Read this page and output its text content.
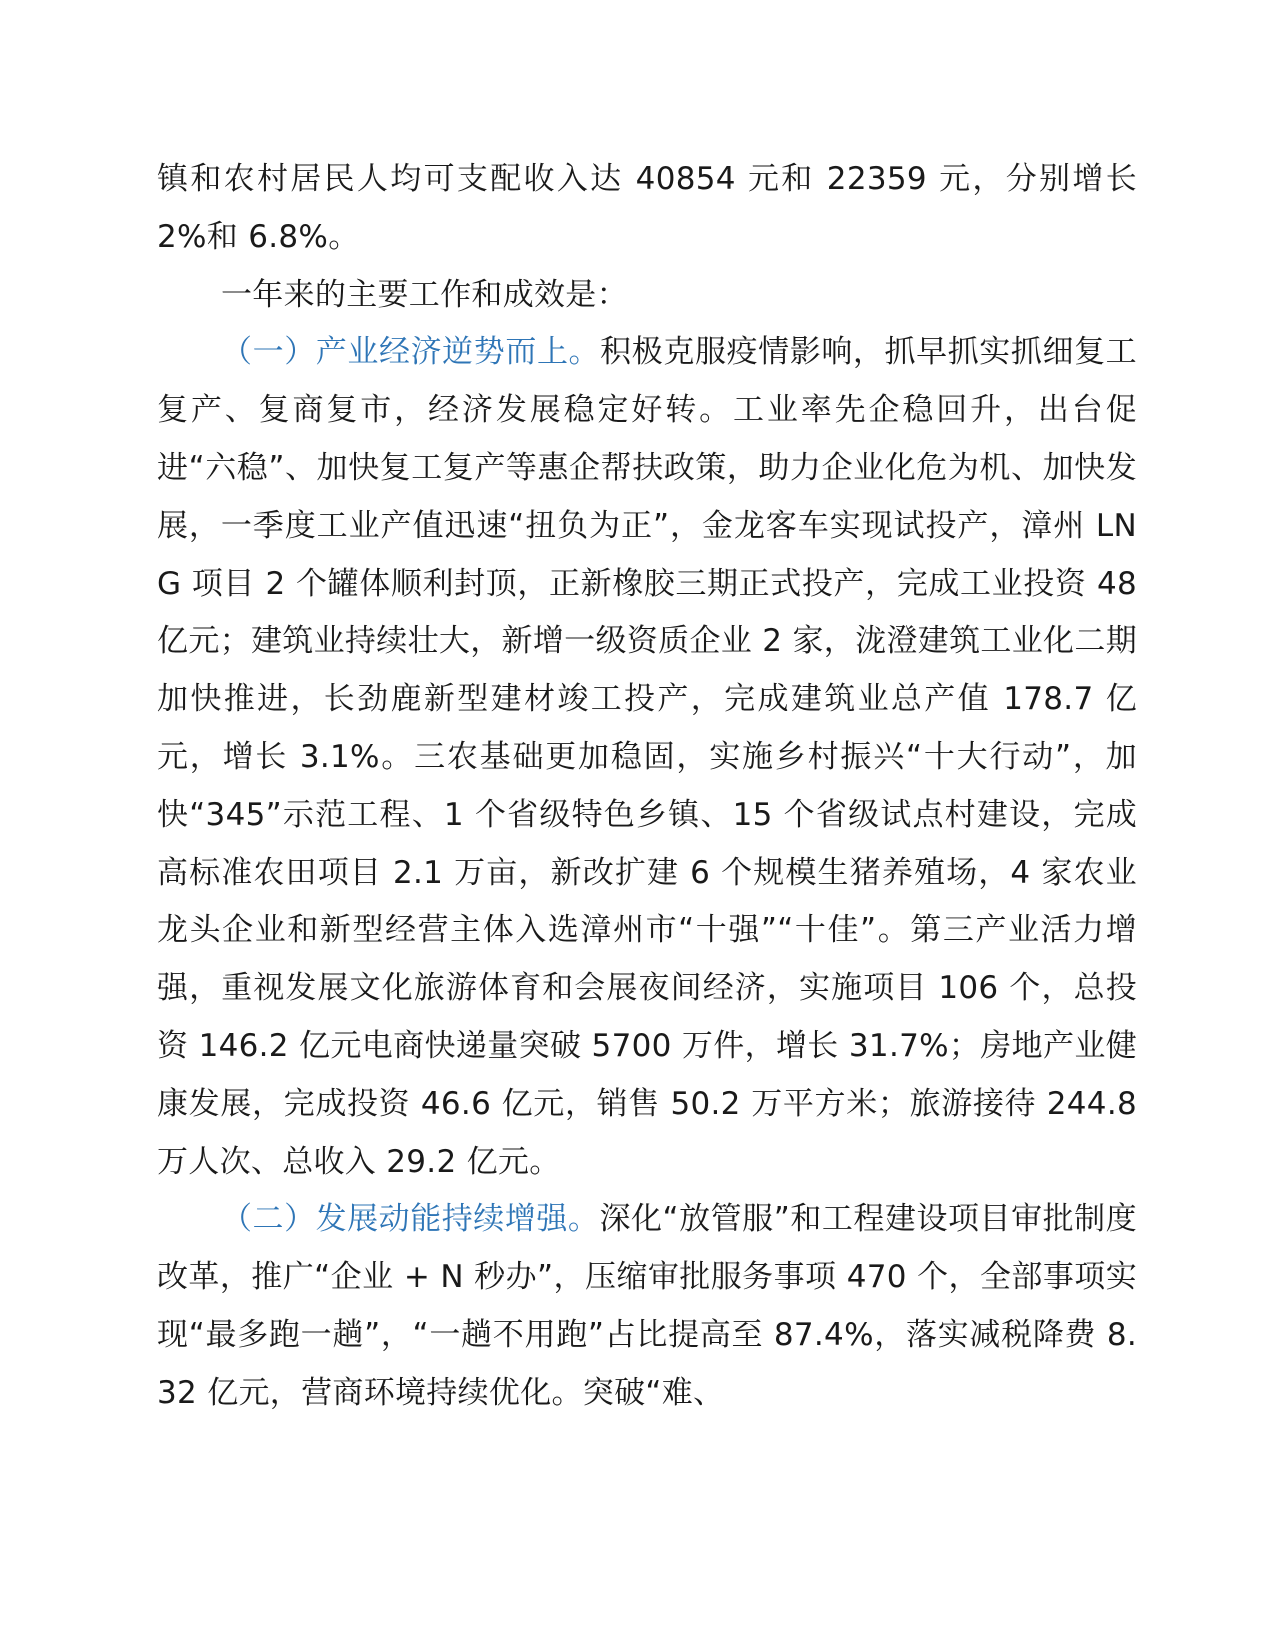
镇和农村居民人均可支配收入达 40854 元和 22359 元，分别增长 2%和 6.8%。

一年来的主要工作和成效是：

（一）产业经济逆势而上。积极克服疫情影响，抓早抓实抓细复工复产、复商复市，经济发展稳定好转。工业率先企稳回升，出台促进“六稳”、加快复工复产等惠企帮扶政策，助力企业化危为机、加快发展，一季度工业产值迅速“扭负为正”，金龙客车实现试投产，漳州 LNG 项目 2 个罐体顺利封顶，正新橡胶三期正式投产，完成工业投资 48 亿元；建筑业持续壮大，新增一级资质企业 2 家，泷澄建筑工业化二期加快推进，长劲鹿新型建材竣工投产，完成建筑业总产值 178.7 亿元，增长 3.1%。三农基础更加稳固，实施乡村振兴“十大行动”，加快“345”示范工程、1 个省级特色乡镇、15 个省级试点村建设，完成高标准农田项目 2.1 万亩，新改扩建 6 个规模生猪养殖场，4 家农业龙头企业和新型经营主体入选漳州市“十强”“十佳”。第三产业活力增强，重视发展文化旅游体育和会展夜间经济，实施项目 106 个，总投资 146.2 亿元电商快递量突破 5700 万件，增长 31.7%；房地产业健康发展，完成投资 46.6 亿元，销售 50.2 万平方米；旅游接待 244.8 万人次、总收入 29.2 亿元。

（二）发展动能持续增强。深化“放管服”和工程建设项目审批制度改革，推广“企业 + N 秒办”，压缩审批服务事项 470 个，全部事项实现“最多跑一趟”，“一趟不用跑”占比提高至 87.4%，落实减税降费 8.32 亿元，营商环境持续优化。突破“难、
